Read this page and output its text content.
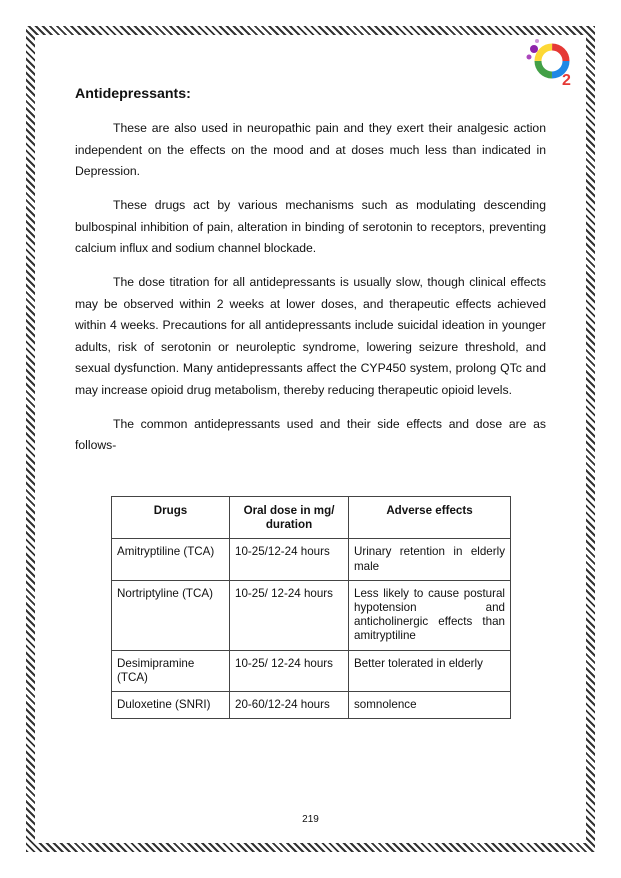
2
Antidepressants:

These are also used in neuropathic pain and they exert their analgesic action independent on the effects on the mood and at doses much less than indicated in Depression.

These drugs act by various mechanisms such as modulating descending bulbospinal inhibition of pain, alteration in binding of serotonin to receptors, preventing calcium influx and sodium channel blockade.

The dose titration for all antidepressants is usually slow, though clinical effects may be observed within 2 weeks at lower doses, and therapeutic effects achieved within 4 weeks. Precautions for all antidepressants include suicidal ideation in younger adults, risk of serotonin or neuroleptic syndrome, lowering seizure threshold, and sexual dysfunction. Many antidepressants affect the CYP450 system, prolong QTc and may increase opioid drug metabolism, thereby reducing therapeutic opioid levels.

The common antidepressants used and their side effects and dose are as follows-

Drugs	Oral dose in mg/ duration	Adverse effects
Amitryptiline (TCA)	10-25/12-24 hours	Urinary retention in elderly male
Nortriptyline (TCA)	10-25/ 12-24 hours	Less likely to cause postural hypotension and anticholinergic effects than amitryptiline
Desimipramine (TCA)	10-25/ 12-24 hours	Better tolerated in elderly
Duloxetine (SNRI)	20-60/12-24 hours	somnolence
219
